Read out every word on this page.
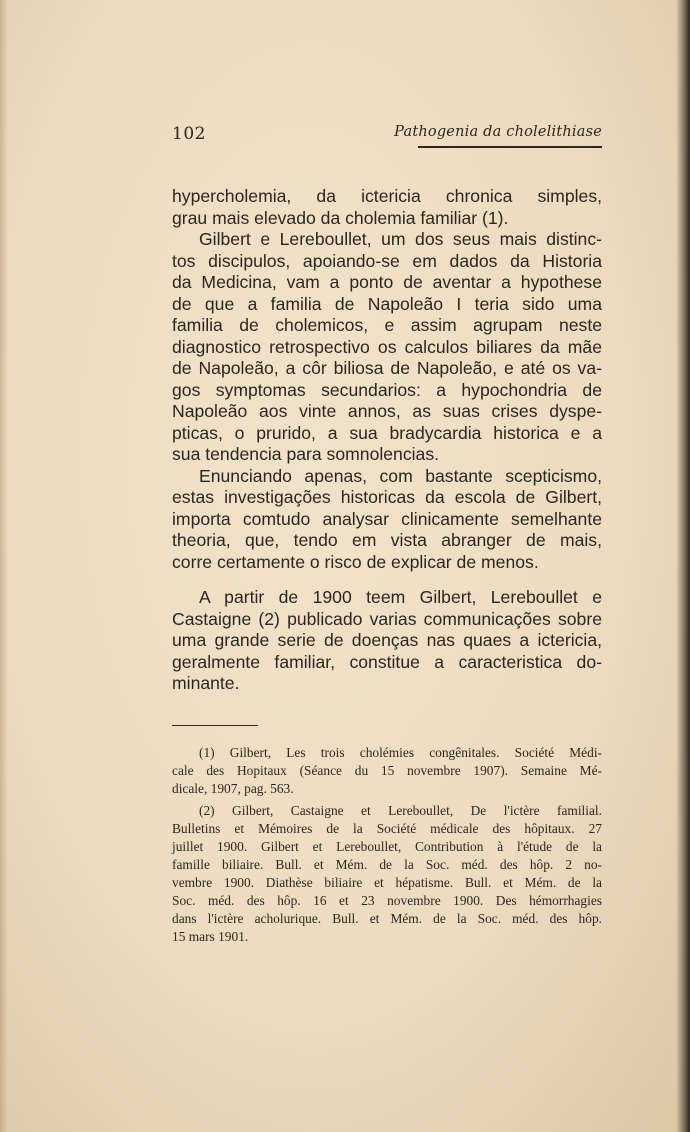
102	Pathogenia da cholelithiase
hypercholemia, da ictericia chronica simples,
grau mais elevado da cholemia familiar (1).
Gilbert e Lereboullet, um dos seus mais distinc-
tos discipulos, apoiando-se em dados da Historia
da Medicina, vam a ponto de aventar a hypothese
de que a familia de Napoleão I teria sido uma
familia de cholemicos, e assim agrupam neste
diagnostico retrospectivo os calculos biliares da mãe
de Napoleão, a côr biliosa de Napoleão, e até os va-
gos symptomas secundarios: a hypochondria de
Napoleão aos vinte annos, as suas crises dyspe-
pticas, o prurido, a sua bradycardia historica e a
sua tendencia para somnolencias.
Enunciando apenas, com bastante scepticismo,
estas investigações historicas da escola de Gilbert,
importa comtudo analysar clinicamente semelhante
theoria, que, tendo em vista abranger de mais,
corre certamente o risco de explicar de menos.
A partir de 1900 teem Gilbert, Lereboullet e
Castaigne (2) publicado varias communicações sobre
uma grande serie de doenças nas quaes a ictericia,
geralmente familiar, constitue a caracteristica do-
minante.
(1) Gilbert, Les trois cholémies congênitales. Société Médi-
cale des Hopitaux (Séance du 15 novembre 1907). Semaine Mé-
dicale, 1907, pag. 563.
(2) Gilbert, Castaigne et Lereboullet, De l'ictère familial.
Bulletins et Mémoires de la Société médicale des hôpitaux. 27
juillet 1900. Gilbert et Lereboullet, Contribution à l'étude de la
famille biliaire. Bull. et Mém. de la Soc. méd. des hôp. 2 no-
vembre 1900. Diathèse biliaire et hépatisme. Bull. et Mém. de la
Soc. méd. des hôp. 16 et 23 novembre 1900. Des hémorrhagies
dans l'ictère acholurique. Bull. et Mém. de la Soc. méd. des hôp.
15 mars 1901.
